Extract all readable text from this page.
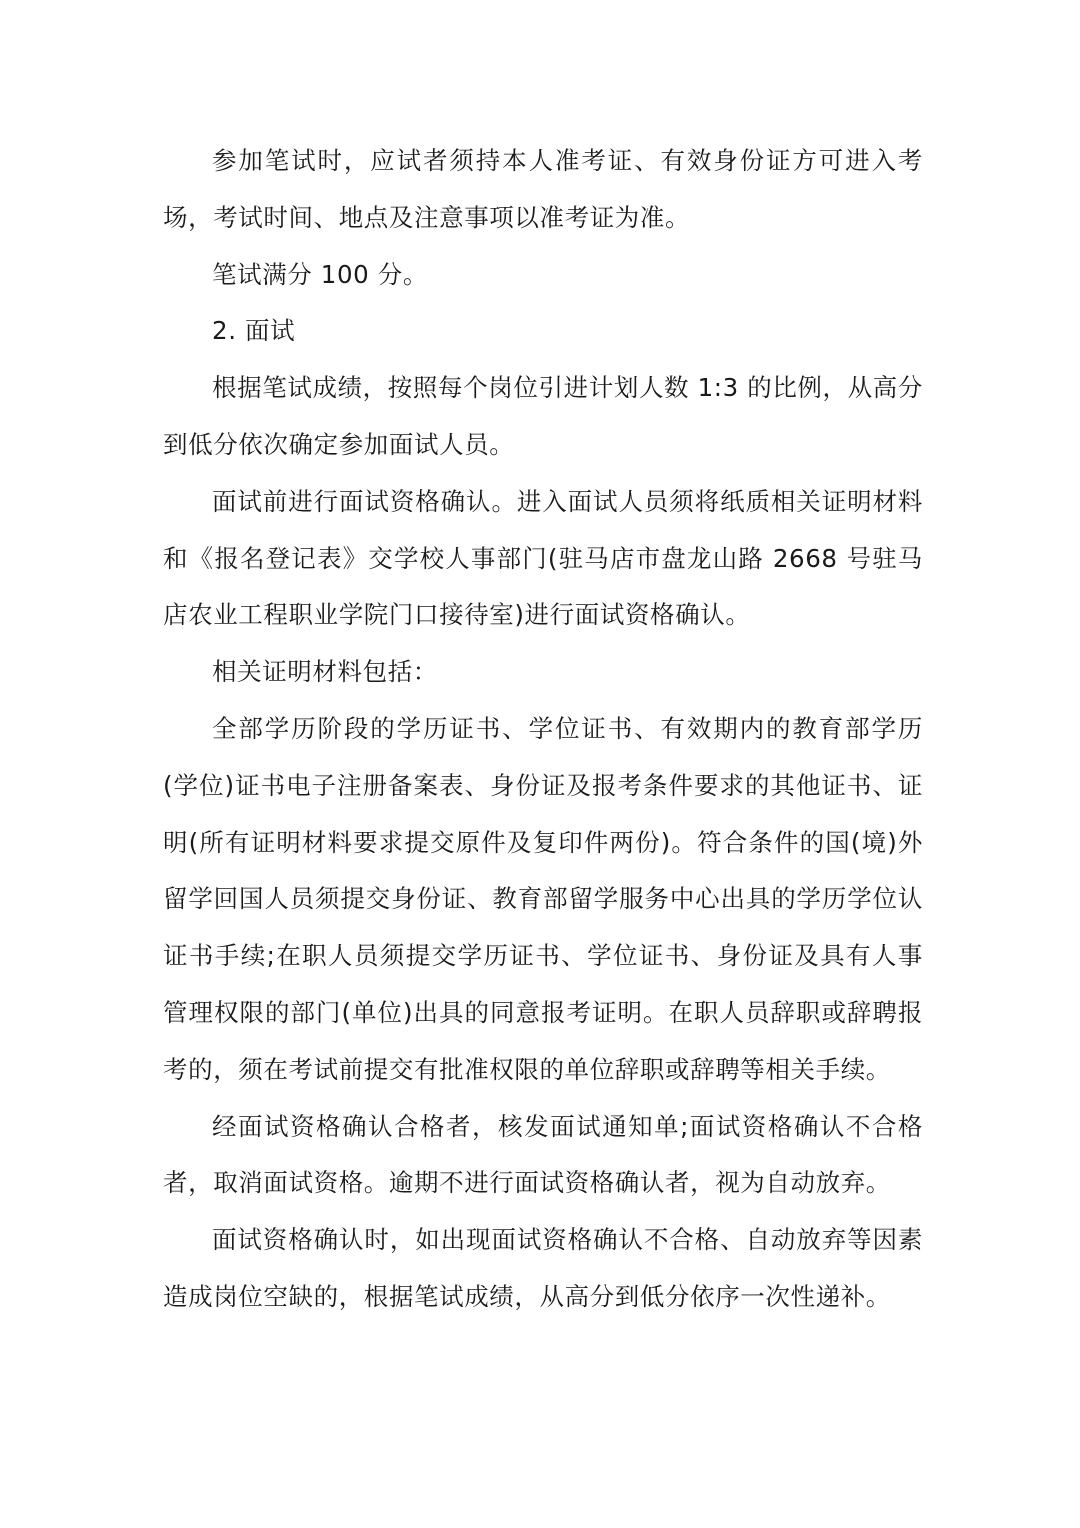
参加笔试时，应试者须持本人准考证、有效身份证方可进入考场，考试时间、地点及注意事项以准考证为准。

笔试满分 100 分。

2. 面试

根据笔试成绩，按照每个岗位引进计划人数 1:3 的比例，从高分到低分依次确定参加面试人员。

面试前进行面试资格确认。进入面试人员须将纸质相关证明材料和《报名登记表》交学校人事部门(驻马店市盘龙山路 2668 号驻马店农业工程职业学院门口接待室)进行面试资格确认。

相关证明材料包括：

全部学历阶段的学历证书、学位证书、有效期内的教育部学历(学位)证书电子注册备案表、身份证及报考条件要求的其他证书、证明(所有证明材料要求提交原件及复印件两份)。符合条件的国(境)外留学回国人员须提交身份证、教育部留学服务中心出具的学历学位认证书手续;在职人员须提交学历证书、学位证书、身份证及具有人事管理权限的部门(单位)出具的同意报考证明。在职人员辞职或辞聘报考的，须在考试前提交有批准权限的单位辞职或辞聘等相关手续。

经面试资格确认合格者，核发面试通知单;面试资格确认不合格者，取消面试资格。逾期不进行面试资格确认者，视为自动放弃。

面试资格确认时，如出现面试资格确认不合格、自动放弃等因素造成岗位空缺的，根据笔试成绩，从高分到低分依序一次性递补。
